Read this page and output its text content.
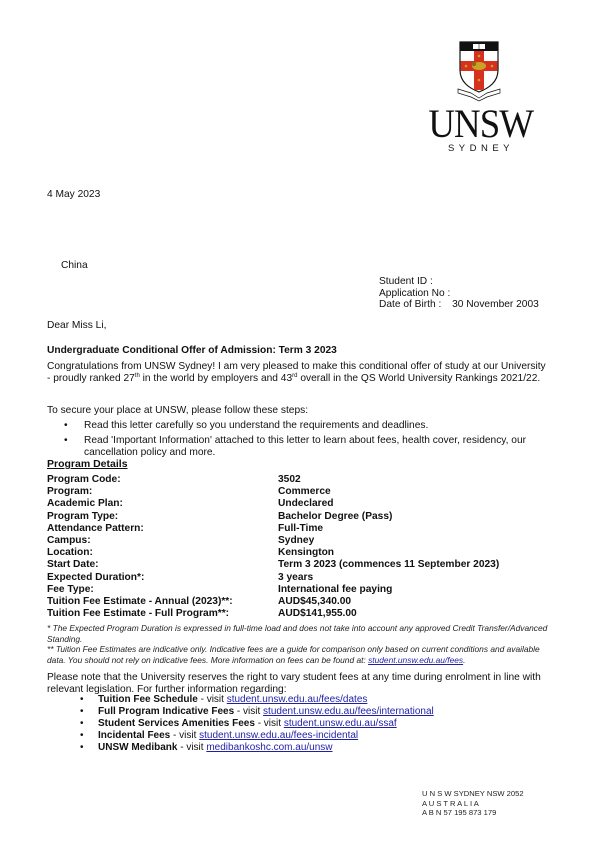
UNSW
SYDNEY
4 May 2023
China
Student ID :
Application No :
Date of Birth : 30 November 2003
Dear Miss Li,
Undergraduate Conditional Offer of Admission: Term 3 2023
Congratulations from UNSW Sydney! I am very pleased to make this conditional offer of study at our University - proudly ranked 27th in the world by employers and 43rd overall in the QS World University Rankings 2021/22.
To secure your place at UNSW, please follow these steps:
• Read this letter carefully so you understand the requirements and deadlines.
• Read 'Important Information' attached to this letter to learn about fees, health cover, residency, our cancellation policy and more.
Program Details
Program Code:	3502
Program:	Commerce
Academic Plan:	Undeclared
Program Type:	Bachelor Degree (Pass)
Attendance Pattern:	Full-Time
Campus:	Sydney
Location:	Kensington
Start Date:	Term 3 2023 (commences 11 September 2023)
Expected Duration*:	3 years
Fee Type:	International fee paying
Tuition Fee Estimate - Annual (2023)**:	AUD$45,340.00
Tuition Fee Estimate - Full Program**:	AUD$141,955.00
* The Expected Program Duration is expressed in full-time load and does not take into account any approved Credit Transfer/Advanced Standing.
** Tuition Fee Estimates are indicative only. Indicative fees are a guide for comparison only based on current conditions and available data. You should not rely on indicative fees. More information on fees can be found at: student.unsw.edu.au/fees.
Please note that the University reserves the right to vary student fees at any time during enrolment in line with relevant legislation. For further information regarding:
• Tuition Fee Schedule - visit student.unsw.edu.au/fees/dates
• Full Program Indicative Fees - visit student.unsw.edu.au/fees/international
• Student Services Amenities Fees - visit student.unsw.edu.au/ssaf
• Incidental Fees - visit student.unsw.edu.au/fees-incidental
• UNSW Medibank - visit medibankoshc.com.au/unsw
U N S W SYDNEY NSW 2052
A U S T R A L I A
A B N 57 195 873 179
